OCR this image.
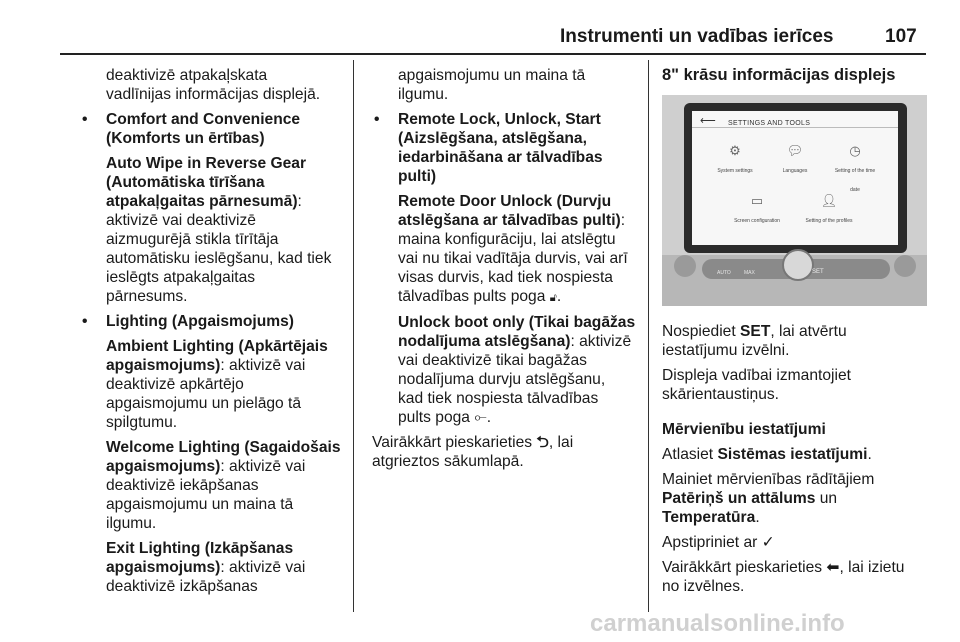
Instrumenti un vadības ierīces	107

deaktivizē atpakaļskata
vadlīnijas informācijas displejā.

• Comfort and Convenience
(Komforts un ērtības)

Auto Wipe in Reverse Gear
(Automātiska tīrīšana
atpakaļgaitas pārnesumā):
aktivizē vai deaktivizē
aizmugurējā stikla tīrītāja
automātisku ieslēgšanu, kad tiek
ieslēgts atpakaļgaitas
pārnesums.

• Lighting (Apgaismojums)

Ambient Lighting (Apkārtējais
apgaismojums): aktivizē vai
deaktivizē apkārtējo
apgaismojumu un pielāgo tā
spilgtumu.

Welcome Lighting (Sagaidošais
apgaismojums): aktivizē vai
deaktivizē iekāpšanas
apgaismojumu un maina tā
ilgumu.

Exit Lighting (Izkāpšanas
apgaismojums): aktivizē vai
deaktivizē izkāpšanas

apgaismojumu un maina tā
ilgumu.

• Remote Lock, Unlock, Start
(Aizslēgšana, atslēgšana,
iedarbināšana ar tālvadības pulti)

Remote Door Unlock (Durvju
atslēgšana ar tālvadības pulti):
maina konfigurāciju, lai atslēgtu
vai nu tikai vadītāja durvis, vai arī
visas durvis, kad tiek nospiesta
tālvadības pults poga 🔓︎.

Unlock boot only (Tikai bagāžas
nodalījuma atslēgšana): aktivizē
vai deaktivizē tikai bagāžas
nodalījuma durvju atslēgšanu,
kad tiek nospiesta tālvadības
pults poga ⟜.

Vairākkārt pieskarieties ⮌, lai
atgrieztos sākumlapā.

8" krāsu informācijas displejs
⟵ SETTINGS AND TOOLS
⚙
System settings
💬︎
Languages
◷
Setting of the time date
▭
Screen configuration
👤︎
Setting of the profiles
AUTO	MAX	SET

Nospiediet SET, lai atvērtu
iestatījumu izvēlni.

Displeja vadībai izmantojiet
skārientaustiņus.

Mērvienību iestatījumi

Atlasiet Sistēmas iestatījumi.

Mainiet mērvienības rādītājiem
Patēriņš un attālums un
Temperatūra.

Apstipriniet ar ✓

Vairākkārt pieskarieties ⬅, lai izietu
no izvēlnes.

carmanualsonline.info
